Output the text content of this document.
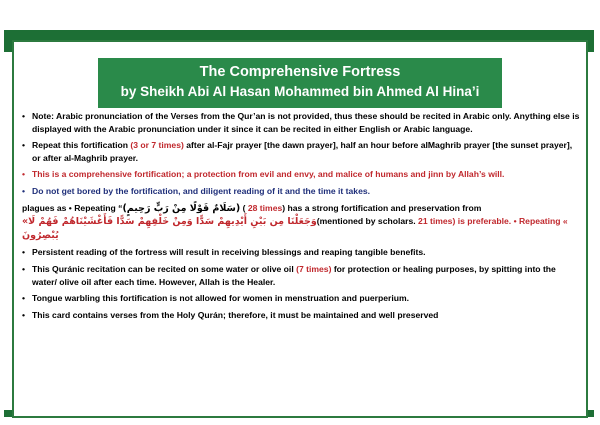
The Comprehensive Fortress
by Sheikh Abi Al Hasan Mohammed bin Ahmed Al Hina’i
• Note: Arabic pronunciation of the Verses from the Qur’an is not provided, thus these should be recited in Arabic only. Anything else is displayed with the Arabic pronunciation under it since it can be recited in either English or Arabic language.
• Repeat this fortification (3 or 7 times) after al-Fajr prayer [the dawn prayer], half an hour before alMaghrib prayer [the sunset prayer], or after al-Maghrib prayer.
• This is a comprehensive fortification; a protection from evil and envy, and malice of humans and jinn by Allah’s will.
• Do not get bored by the fortification, and diligent reading of it and the time it takes.
plagues as • Repeating “(سَلَامٌ قَوْلًا مِنْ رَبٍّ رَحِيمٍ) ( 28 times) has a strong fortification and preservation from
«وَجَعَلْنَا مِن بَيْنِ أَيْدِيهِمْ سَدًّا وَمِنْ خَلْفِهِمْ سَدًّا فَأَغْشَيْنَاهُمْ فَهُمْ لَا(mentioned by scholars. 21 times) is preferable. • Repeating « يُبْصِرُونَ
• Persistent reading of the fortress will result in receiving blessings and reaping tangible benefits.
• This Quránic recitation can be recited on some water or olive oil (7 times) for protection or healing purposes, by spitting into the water/ olive oil after each time. However, Allah is the Healer.
• Tongue warbling this fortification is not allowed for women in menstruation and puerperium.
• This card contains verses from the Holy Qurán; therefore, it must be maintained and well preserved
